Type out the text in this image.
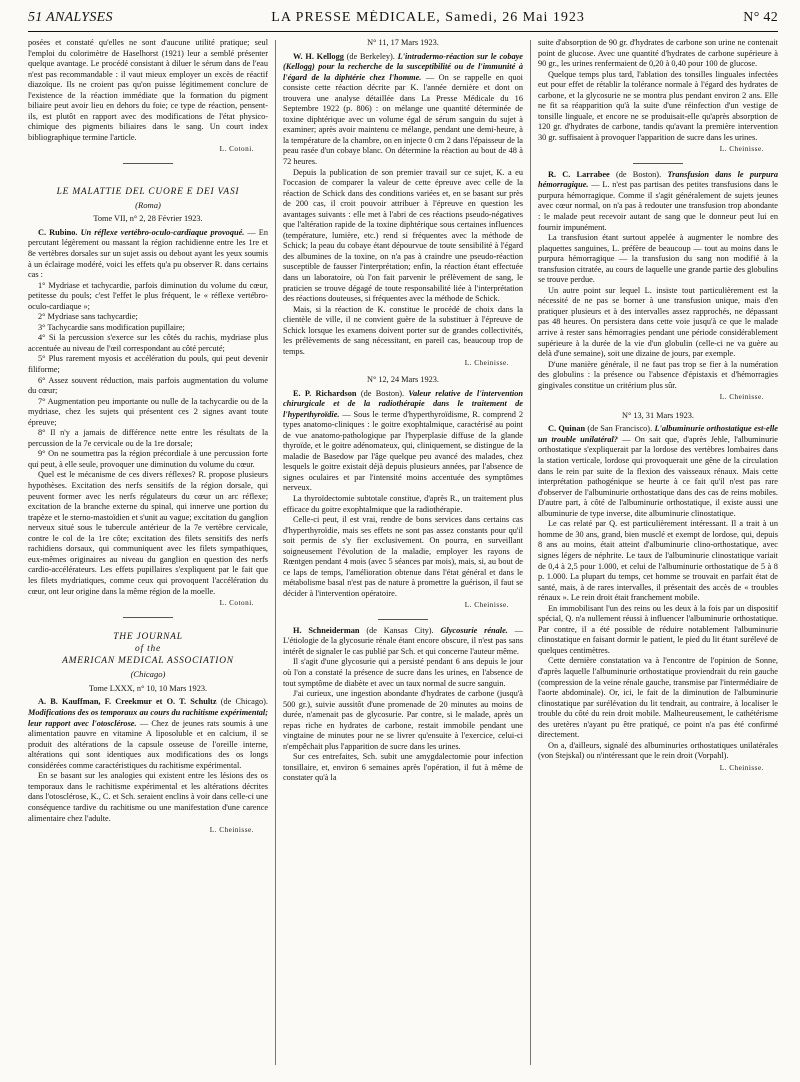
51 ANALYSES	LA PRESSE MÉDICALE, Samedi, 26 Mai 1923	N° 42

posées et constaté qu'elles ne sont d'aucune utilité pratique; seul l'emploi du colorimètre de Haselhorst (1921) leur a semblé présenter quelque avantage. Le procédé consistant à diluer le sérum dans de l'eau n'est pas recommandable : il vaut mieux employer un excès de réactif diazoïque. Ils ne croient pas qu'on puisse légitimement conclure de l'existence de la réaction immédiate que la formation du pigment biliaire peut avoir lieu en dehors du foie; ce type de réaction, pensent-ils, est plutôt en rapport avec des modifications de l'état physico-chimique des pigments biliaires dans le sang. Un court index bibliographique termine l'article.

L. Cotoni.
LE MALATTIE DEL CUORE E DEI VASI
(Roma)
Tome VII, n° 2, 28 Février 1923.

C. Rubino. Un réflexe vertébro-oculo-cardiaque provoqué. — En percutant légèrement ou massant la région rachidienne entre les 1re et 8e vertèbres dorsales sur un sujet assis ou debout ayant les yeux soumis à un éclairage modéré, voici les effets qu'a pu observer R. dans certains cas :

1° Mydriase et tachycardie, parfois diminution du volume du cœur, petitesse du pouls; c'est l'effet le plus fréquent, le « réflexe vertébro-oculo-cardiaque »;

2° Mydriase sans tachycardie;

3° Tachycardie sans modification pupillaire;

4° Si la percussion s'exerce sur les côtés du rachis, mydriase plus accentuée au niveau de l'œil correspondant au côté percuté;

5° Plus rarement myosis et accélération du pouls, qui peut devenir filiforme;

6° Assez souvent réduction, mais parfois augmentation du volume du cœur;

7° Augmentation peu importante ou nulle de la tachycardie ou de la mydriase, chez les sujets qui présentent ces 2 signes avant toute épreuve;

8° Il n'y a jamais de différence nette entre les résultats de la percussion de la 7e cervicale ou de la 1re dorsale;

9° On ne soumettra pas la région précordiale à une percussion forte qui peut, à elle seule, provoquer une diminution du volume du cœur.

Quel est le mécanisme de ces divers réflexes? R. propose plusieurs hypothèses. Excitation des nerfs sensitifs de la région dorsale, qui peuvent former avec les nerfs régulateurs du cœur un arc réflexe; excitation de la branche externe du spinal, qui innerve une portion du trapèze et le sterno-mastoïdien et s'unit au vague; excitation du ganglion nerveux situé sous le tubercule antérieur de la 7e vertèbre cervicale, contre le col de la 1re côte; excitation des filets sensitifs des nerfs rachidiens dorsaux, qui communiquent avec les filets sympathiques, eux-mêmes originaires au niveau du ganglion en question des nerfs cardio-accélérateurs. Les effets pupillaires s'expliquent par le fait que les filets mydriatiques, comme ceux qui provoquent l'accélération du cœur, ont leur origine dans la même région de la moelle.

L. Cotoni.
THE JOURNAL
of the
AMERICAN MEDICAL ASSOCIATION
(Chicago)
Tome LXXX, n° 10, 10 Mars 1923.

A. B. Kauffman, F. Creekmur et O. T. Schultz (de Chicago). Modifications des os temporaux au cours du rachitisme expérimental; leur rapport avec l'otosclérose. — Chez de jeunes rats soumis à une alimentation pauvre en vitamine A liposoluble et en calcium, il se produit des altérations de la capsule osseuse de l'oreille interne, altérations qui sont identiques aux modifications des os longs considérées comme caractéristiques du rachitisme expérimental.

En se basant sur les analogies qui existent entre les lésions des os temporaux dans le rachitisme expérimental et les altérations décrites dans l'otosclérose, K., C. et Sch. seraient enclins à voir dans celle-ci une conséquence tardive du rachitisme ou une manifestation d'une carence alimentaire chez l'adulte.

L. Cheinisse.
N° 11, 17 Mars 1923.

W. H. Kellogg (de Berkeley). L'intradermo-réaction sur le cobaye (Kellogg) pour la recherche de la susceptibilité ou de l'immunité à l'égard de la diphtérie chez l'homme. — On se rappelle en quoi consiste cette réaction décrite par K. l'année dernière et dont on trouvera une analyse détaillée dans La Presse Médicale du 16 Septembre 1922 (p. 806) : on mélange une quantité déterminée de toxine diphtérique avec un volume égal de sérum sanguin du sujet à examiner; après avoir maintenu ce mélange, pendant une demi-heure, à la température de la chambre, on en injecte 0 cm 2 dans l'épaisseur de la peau rasée d'un cobaye blanc. On détermine la réaction au bout de 48 à 72 heures.

Depuis la publication de son premier travail sur ce sujet, K. a eu l'occasion de comparer la valeur de cette épreuve avec celle de la réaction de Schick dans des conditions variées et, en se basant sur près de 200 cas, il croit pouvoir attribuer à l'épreuve en question les avantages suivants : elle met à l'abri de ces réactions pseudo-négatives que l'altération rapide de la toxine diphtérique sous certaines influences (température, lumière, etc.) rend si fréquentes avec la méthode de Schick; la peau du cobaye étant dépourvue de toute sensibilité à l'égard des albumines de la toxine, on n'a pas à craindre une pseudo-réaction susceptible de fausser l'interprétation; enfin, la réaction étant effectuée dans un laboratoire, où l'on fait parvenir le prélèvement de sang, le praticien se trouve dégagé de toute responsabilité liée à l'interprétation des réactions douteuses, si fréquentes avec la méthode de Schick.

Mais, si la réaction de K. constitue le procédé de choix dans la clientèle de ville, il ne convient guère de la substituer à l'épreuve de Schick lorsque les examens doivent porter sur de grandes collectivités, les prélèvements de sang nécessitant, en pareil cas, beaucoup trop de temps.

L. Cheinisse.
N° 12, 24 Mars 1923.

E. P. Richardson (de Boston). Valeur relative de l'intervention chirurgicale et de la radiothérapie dans le traitement de l'hyperthyroïdie. — Sous le terme d'hyperthyroïdisme, R. comprend 2 types anatomo-cliniques : le goitre exophtalmique, caractérisé au point de vue anatomo-pathologique par l'hyperplasie diffuse de la glande thyroïde, et le goitre adénomateux, qui, cliniquement, se distingue de la maladie de Basedow par l'âge quelque peu avancé des malades, chez lesquels le goitre existait déjà depuis plusieurs années, par l'absence de signes oculaires et par l'intensité moins accentuée des symptômes nerveux.

La thyroïdectomie subtotale constitue, d'après R., un traitement plus efficace du goitre exophtalmique que la radiothérapie.

Celle-ci peut, il est vrai, rendre de bons services dans certains cas d'hyperthyroïdie, mais ses effets ne sont pas assez constants pour qu'il soit permis de s'y fier exclusivement. On pourra, en surveillant soigneusement l'évolution de la maladie, employer les rayons de Rœntgen pendant 4 mois (avec 5 séances par mois), mais, si, au bout de ce laps de temps, l'amélioration obtenue dans l'état général et dans le métabolisme basal n'est pas de nature à promettre la guérison, il faut se décider à l'intervention opératoire.

L. Cheinisse.

H. Schneiderman (de Kansas City). Glycosurie rénale. — L'étiologie de la glycosurie rénale étant encore obscure, il n'est pas sans intérêt de signaler le cas publié par Sch. et qui concerne l'auteur même.

Il s'agit d'une glycosurie qui a persisté pendant 6 ans depuis le jour où l'on a constaté la présence de sucre dans les urines, en l'absence de tout symptôme de diabète et avec un taux normal de sucre sanguin.

J'ai curieux, une ingestion abondante d'hydrates de carbone (jusqu'à 500 gr.), suivie aussitôt d'une promenade de 20 minutes au moins de durée, n'amenait pas de glycosurie. Par contre, si le malade, après un repas riche en hydrates de carbone, restait immobile pendant une vingtaine de minutes pour ne se livrer qu'ensuite à l'exercice, celui-ci n'empêchait plus l'apparition de sucre dans les urines.

Sur ces entrefaites, Sch. subit une amygdalectomie pour infection tonsillaire, et, environ 6 semaines après l'opération, il fut à même de constater qu'à la

suite d'absorption de 90 gr. d'hydrates de carbone son urine ne contenait point de glucose. Avec une quantité d'hydrates de carbone supérieure à 90 gr., les urines renfermaient de 0,20 à 0,40 pour 100 de glucose.

Quelque temps plus tard, l'ablation des tonsilles linguales infectées eut pour effet de rétablir la tolérance normale à l'égard des hydrates de carbone, et la glycosurie ne se montra plus pendant environ 2 ans. Elle ne fit sa réapparition qu'à la suite d'une réinfection d'un vestige de tonsille linguale, et encore ne se produisait-elle qu'après absorption de 120 gr. d'hydrates de carbone, tandis qu'avant la première intervention 30 gr. suffisaient à provoquer l'apparition de sucre dans les urines.

L. Cheinisse.

R. C. Larrabee (de Boston). Transfusion dans le purpura hémorragique. — L. n'est pas partisan des petites transfusions dans le purpura hémorragique. Comme il s'agit généralement de sujets jeunes avec cœur normal, on n'a pas à redouter une transfusion trop abondante : le malade peut recevoir autant de sang que le donneur peut lui en fournir impunément.

La transfusion étant surtout appelée à augmenter le nombre des plaquettes sanguines, L. préfère de beaucoup — tout au moins dans le purpura hémorragique — la transfusion du sang non modifié à la transfusion citratée, au cours de laquelle une grande partie des globulins se trouve perdue.

Un autre point sur lequel L. insiste tout particulièrement est la nécessité de ne pas se borner à une transfusion unique, mais d'en pratiquer plusieurs et à des intervalles assez rapprochés, ne dépassant pas 48 heures. On persistera dans cette voie jusqu'à ce que le malade arrive à rester sans hémorragies pendant une période considérablement supérieure à la durée de la vie d'un globulin (celle-ci ne va guère au delà d'une semaine), soit une dizaine de jours, par exemple.

D'une manière générale, il ne faut pas trop se fier à la numération des globulins : la présence ou l'absence d'épistaxis et d'hémorragies gingivales constitue un critérium plus sûr.

L. Cheinisse.
N° 13, 31 Mars 1923.

C. Quinan (de San Francisco). L'albuminurie orthostatique est-elle un trouble unilatéral? — On sait que, d'après Jehle, l'albuminurie orthostatique s'expliquerait par la lordose des vertèbres lombaires dans la station verticale, lordose qui provoquerait une gêne de la circulation dans le rein par suite de la flexion des vaisseaux rénaux. Mais cette interprétation pathogénique se heurte à ce fait qu'il n'est pas rare d'observer de l'albuminurie orthostatique dans des cas de reins mobiles. D'autre part, à côté de l'albuminurie orthostatique, il existe aussi une albuminurie de type inverse, dite albuminurie clinostatique.

Le cas relaté par Q. est particulièrement intéressant. Il a trait à un homme de 30 ans, grand, bien musclé et exempt de lordose, qui, depuis 8 ans au moins, était atteint d'albuminurie clino-orthostatique, avec signes légers de néphrite. Le taux de l'albuminurie clinostatique variait de 0,4 à 2,5 pour 1.000, et celui de l'albuminurie orthostatique de 5 à 8 p. 1.000. La plupart du temps, cet homme se trouvait en parfait état de santé, mais, à de rares intervalles, il présentait des accès de « troubles rénaux ». Le rein droit était franchement mobile.

En immobilisant l'un des reins ou les deux à la fois par un dispositif spécial, Q. n'a nullement réussi à influencer l'albuminurie orthostatique. Par contre, il a été possible de réduire notablement l'albuminurie clinostatique en faisant dormir le patient, le pied du lit étant surélevé de quelques centimètres.

Cette dernière constatation va à l'encontre de l'opinion de Sonne, d'après laquelle l'albuminurie orthostatique proviendrait du rein gauche (compression de la veine rénale gauche, transmise par l'intermédiaire de l'aorte abdominale). Or, ici, le fait de la diminution de l'albuminurie clinostatique par surélévation du lit tendrait, au contraire, à localiser le trouble du côté du rein droit mobile. Malheureusement, le cathétérisme des uretères n'ayant pu être pratiqué, ce point n'a pas été confirmé directement.

On a, d'ailleurs, signalé des albuminuries orthostatiques unilatérales (von Stejskal) ou n'intéressant que le rein droit (Vorpahl).

L. Cheinisse.
